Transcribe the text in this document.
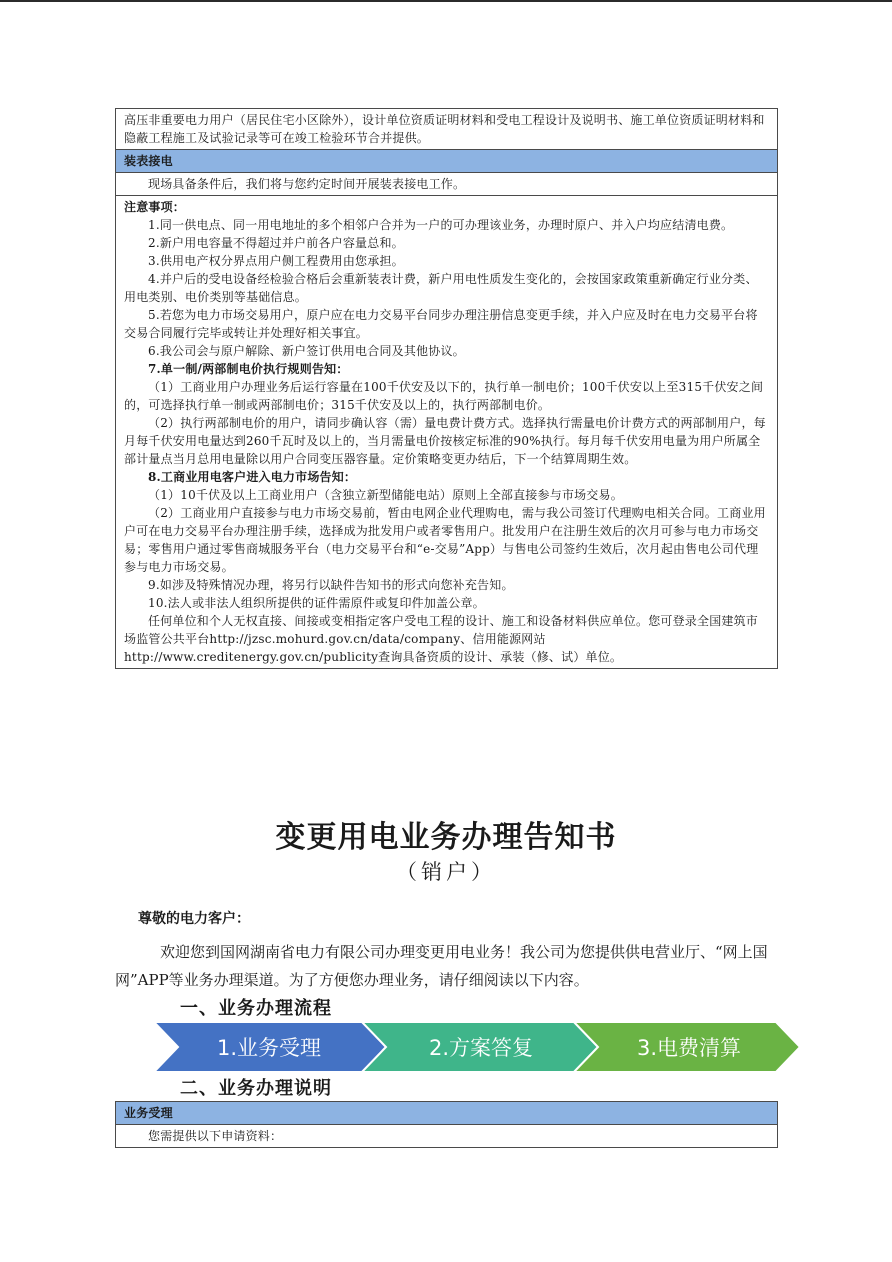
高压非重要电力用户（居民住宅小区除外），设计单位资质证明材料和受电工程设计及说明书、施工单位资质证明材料和隐蔽工程施工及试验记录等可在竣工检验环节合并提供。

装表接电

现场具备条件后，我们将与您约定时间开展装表接电工作。

注意事项：

1.同一供电点、同一用电地址的多个相邻户合并为一户的可办理该业务，办理时原户、并入户均应结清电费。

2.新户用电容量不得超过并户前各户容量总和。

3.供用电产权分界点用户侧工程费用由您承担。

4.并户后的受电设备经检验合格后会重新装表计费，新户用电性质发生变化的，会按国家政策重新确定行业分类、用电类别、电价类别等基础信息。

5.若您为电力市场交易用户，原户应在电力交易平台同步办理注册信息变更手续，并入户应及时在电力交易平台将交易合同履行完毕或转让并处理好相关事宜。

6.我公司会与原户解除、新户签订供用电合同及其他协议。

7.单一制/两部制电价执行规则告知：

（1）工商业用户办理业务后运行容量在100千伏安及以下的，执行单一制电价；100千伏安以上至315千伏安之间的，可选择执行单一制或两部制电价；315千伏安及以上的，执行两部制电价。

（2）执行两部制电价的用户，请同步确认容（需）量电费计费方式。选择执行需量电价计费方式的两部制用户，每月每千伏安用电量达到260千瓦时及以上的，当月需量电价按核定标准的90%执行。每月每千伏安用电量为用户所属全部计量点当月总用电量除以用户合同变压器容量。定价策略变更办结后，下一个结算周期生效。

8.工商业用电客户进入电力市场告知：

（1）10千伏及以上工商业用户（含独立新型储能电站）原则上全部直接参与市场交易。

（2）工商业用户直接参与电力市场交易前，暂由电网企业代理购电，需与我公司签订代理购电相关合同。工商业用户可在电力交易平台办理注册手续，选择成为批发用户或者零售用户。批发用户在注册生效后的次月可参与电力市场交易；零售用户通过零售商城服务平台（电力交易平台和“e-交易”App）与售电公司签约生效后，次月起由售电公司代理参与电力市场交易。

9.如涉及特殊情况办理，将另行以缺件告知书的形式向您补充告知。

10.法人或非法人组织所提供的证件需原件或复印件加盖公章。

任何单位和个人无权直接、间接或变相指定客户受电工程的设计、施工和设备材料供应单位。您可登录全国建筑市场监管公共平台http://jzsc.mohurd.gov.cn/data/company、信用能源网站http://www.creditenergy.gov.cn/publicity查询具备资质的设计、承装（修、试）单位。

变更用电业务办理告知书
（销户）
尊敬的电力客户：

欢迎您到国网湖南省电力有限公司办理变更用电业务！我公司为您提供供电营业厅、“网上国网”APP等业务办理渠道。为了方便您办理业务，请仔细阅读以下内容。

一、业务办理流程
1.业务受理	2.方案答复	3.电费清算
二、业务办理说明
业务受理

您需提供以下申请资料：
